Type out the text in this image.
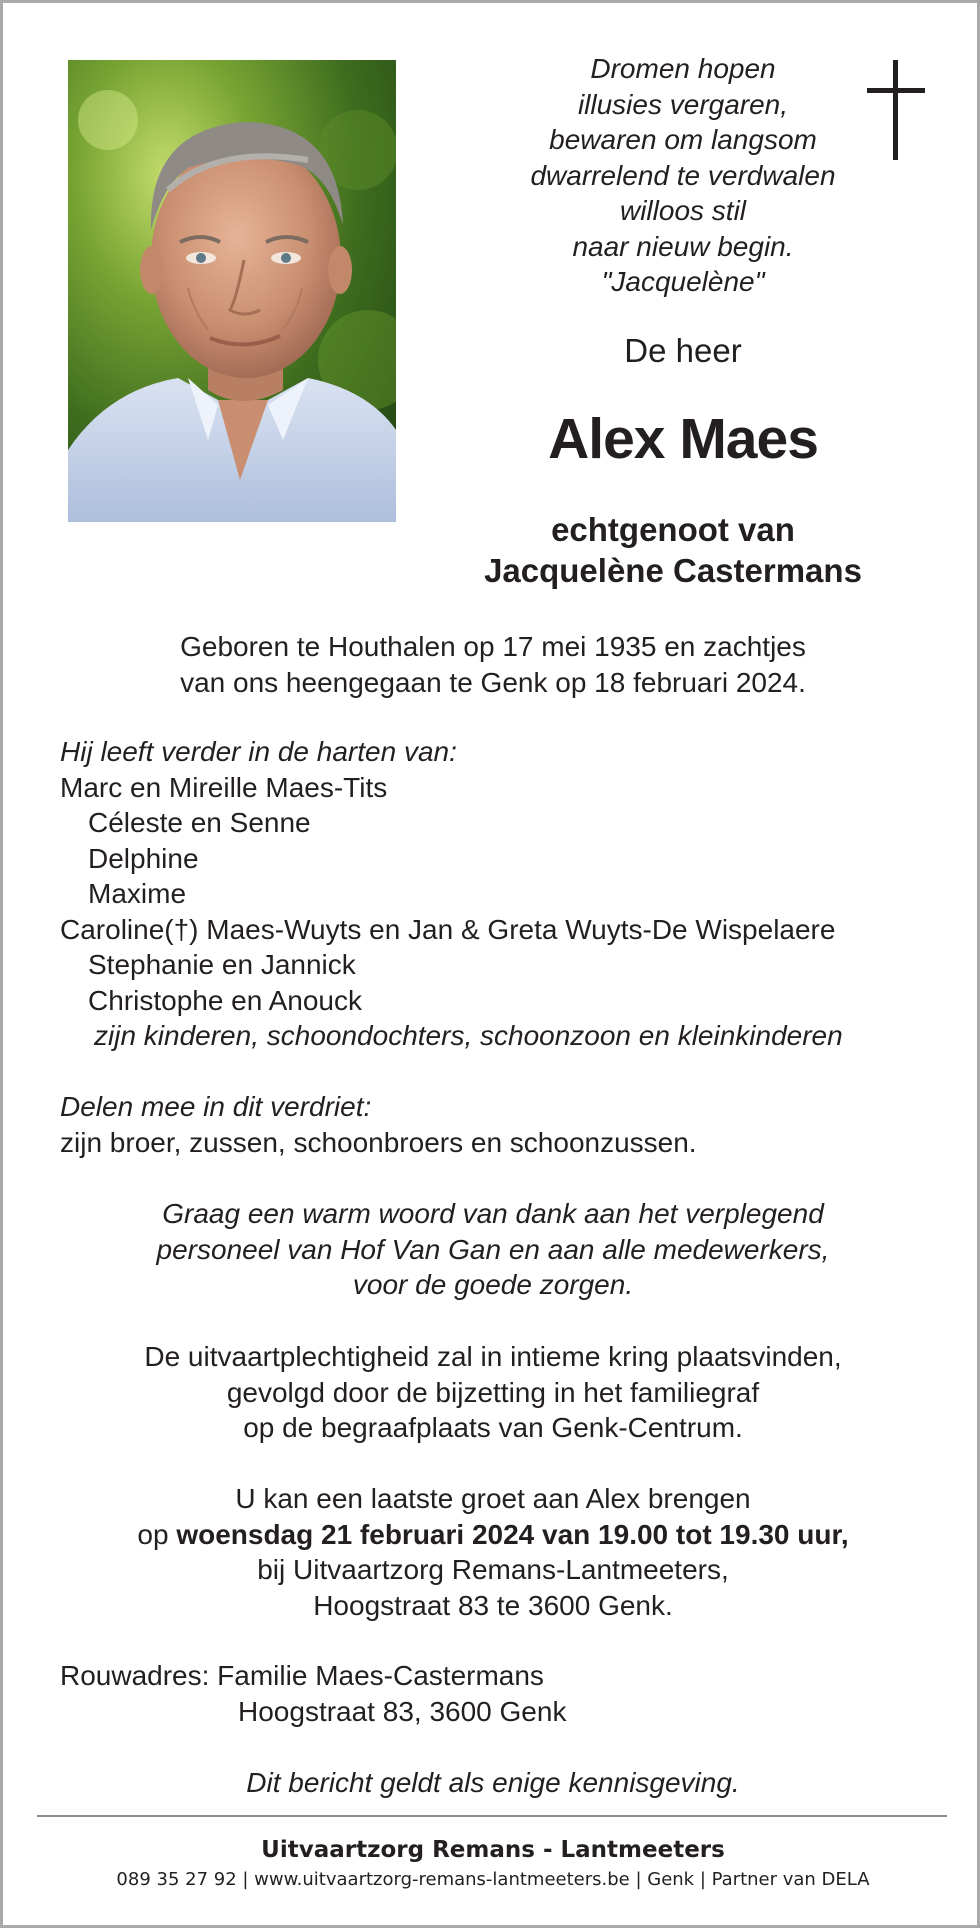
Dromen hopen
illusies vergaren,
bewaren om langsom
dwarrelend te verdwalen
willoos stil
naar nieuw begin.
"Jacquelène"
De heer
Alex Maes
echtgenoot van
Jacquelène Castermans
Geboren te Houthalen op 17 mei 1935 en zachtjes
van ons heengegaan te Genk op 18 februari 2024.
Hij leeft verder in de harten van:
Marc en Mireille Maes-Tits
Céleste en Senne
Delphine
Maxime
Caroline(†) Maes-Wuyts en Jan & Greta Wuyts-De Wispelaere
Stephanie en Jannick
Christophe en Anouck
zijn kinderen, schoondochters, schoonzoon en kleinkinderen
Delen mee in dit verdriet:
zijn broer, zussen, schoonbroers en schoonzussen.
Graag een warm woord van dank aan het verplegend
personeel van Hof Van Gan en aan alle medewerkers,
voor de goede zorgen.
De uitvaartplechtigheid zal in intieme kring plaatsvinden,
gevolgd door de bijzetting in het familiegraf
op de begraafplaats van Genk-Centrum.
U kan een laatste groet aan Alex brengen
op woensdag 21 februari 2024 van 19.00 tot 19.30 uur,
bij Uitvaartzorg Remans-Lantmeeters,
Hoogstraat 83 te 3600 Genk.
Rouwadres: Familie Maes-Castermans
Hoogstraat 83, 3600 Genk
Dit bericht geldt als enige kennisgeving.
Uitvaartzorg Remans - Lantmeeters
089 35 27 92 | www.uitvaartzorg-remans-lantmeeters.be | Genk | Partner van DELA
